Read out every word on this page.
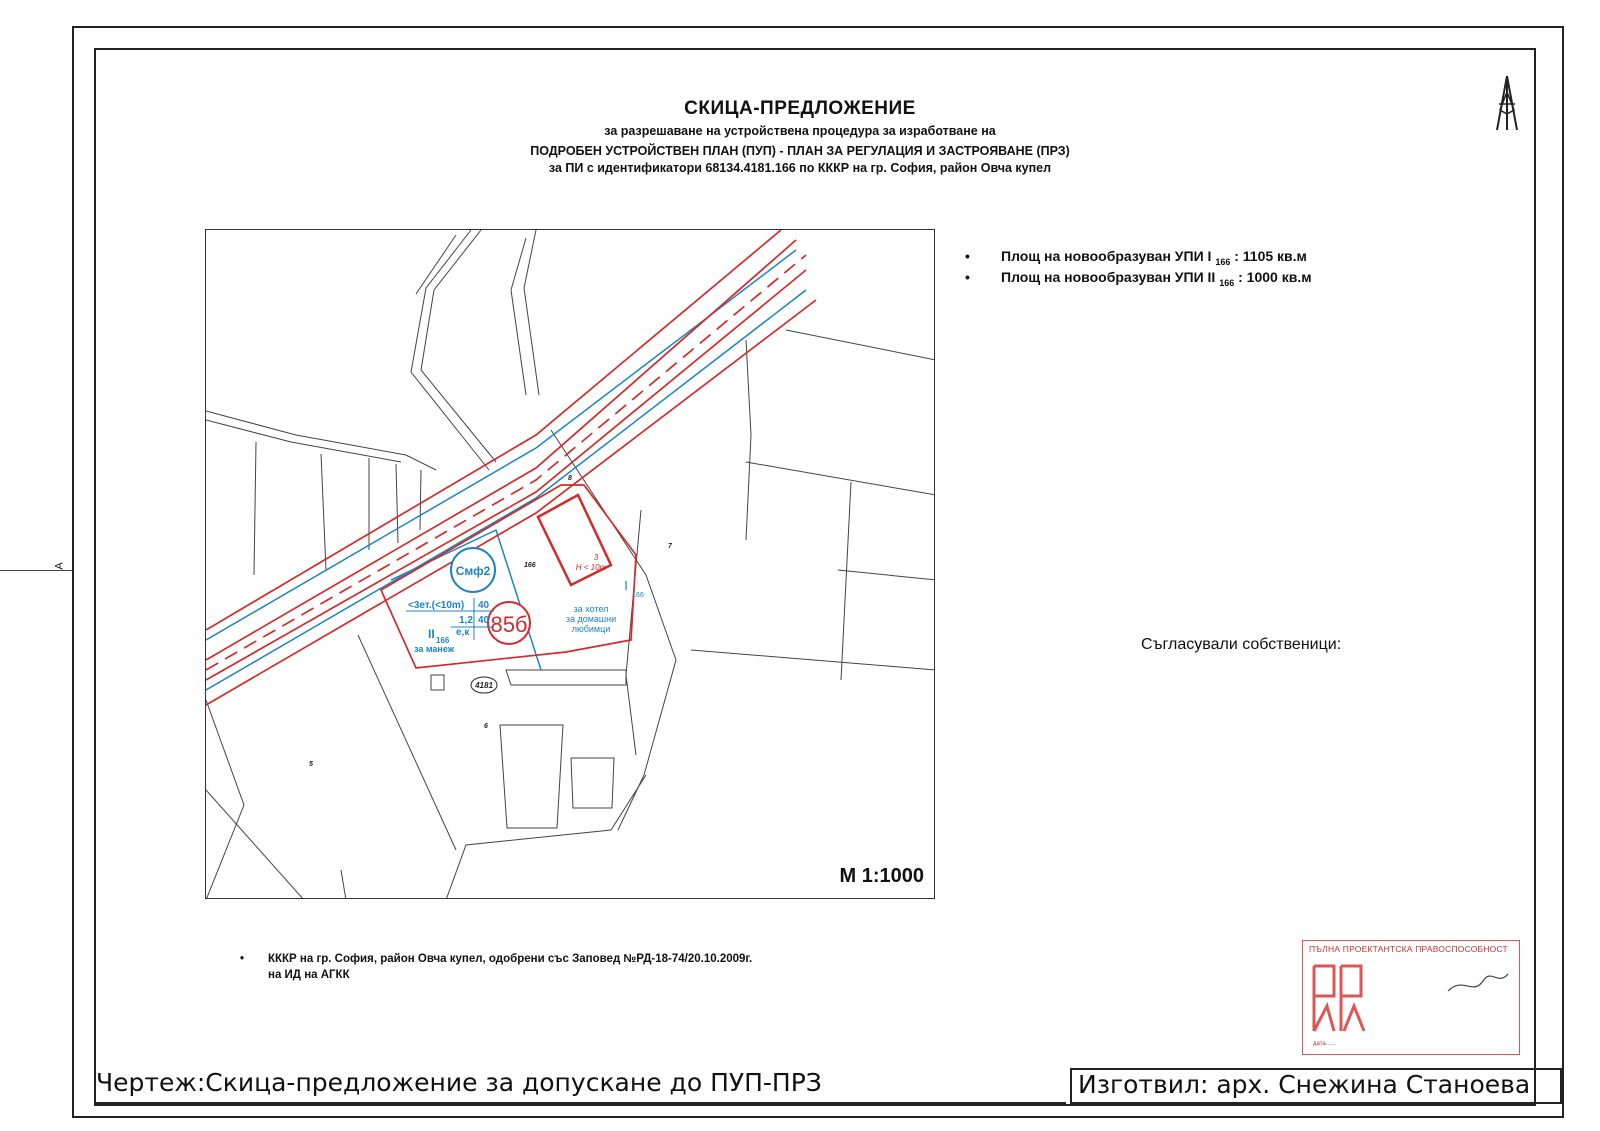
А
СКИЦА-ПРЕДЛОЖЕНИЕ
за разрешаване на устройствена процедура за изработване на
ПОДРОБЕН УСТРОЙСТВЕН ПЛАН (ПУП) - ПЛАН ЗА РЕГУЛАЦИЯ И ЗАСТРОЯВАНЕ (ПРЗ)
за ПИ с идентификатори 68134.4181.166 по КККР на гр. София, район Овча купел
• Площ на новообразуван УПИ I $_{166}$ : 1105 кв.м
• Площ на новообразуван УПИ II $_{166}$ : 1000 кв.м
Съгласували собственици:
Смф2
85б
<3ет.(<10m) 40
1,2 40
е,к
II 166
за манеж
I
166
за хотел
за домашни
любимци
3
H < 10m
166
7
8
6
5
4181
М 1:1000
•	КККР на гр. София, район Овча купел, одобрени със Заповед №РД-18-74/20.10.2009г.
на ИД на АГКК
ПЪЛНА ПРОЕКТАНТСКА ПРАВОСПОСОБНОСТ
дата......
Чертеж:Скица-предложение за допускане до ПУП-ПРЗ	Изготвил: арх. Снежина Станоева
